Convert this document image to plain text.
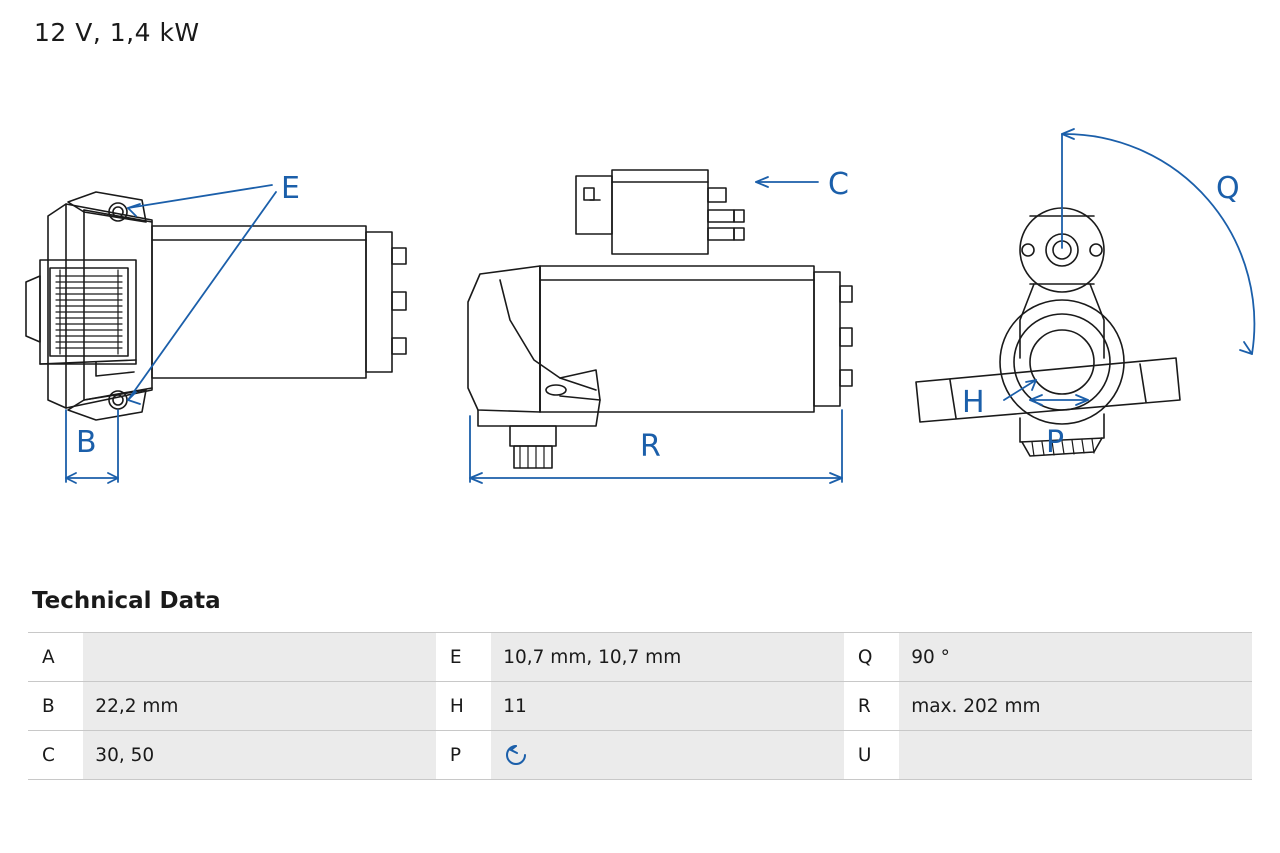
12 V, 1,4 kW
E
B
C
R
Q
H
P
Technical Data
A		E	10,7 mm, 10,7 mm	Q	90 °
B	22,2 mm	H	11	R	max. 202 mm
C	30, 50	P		U	
